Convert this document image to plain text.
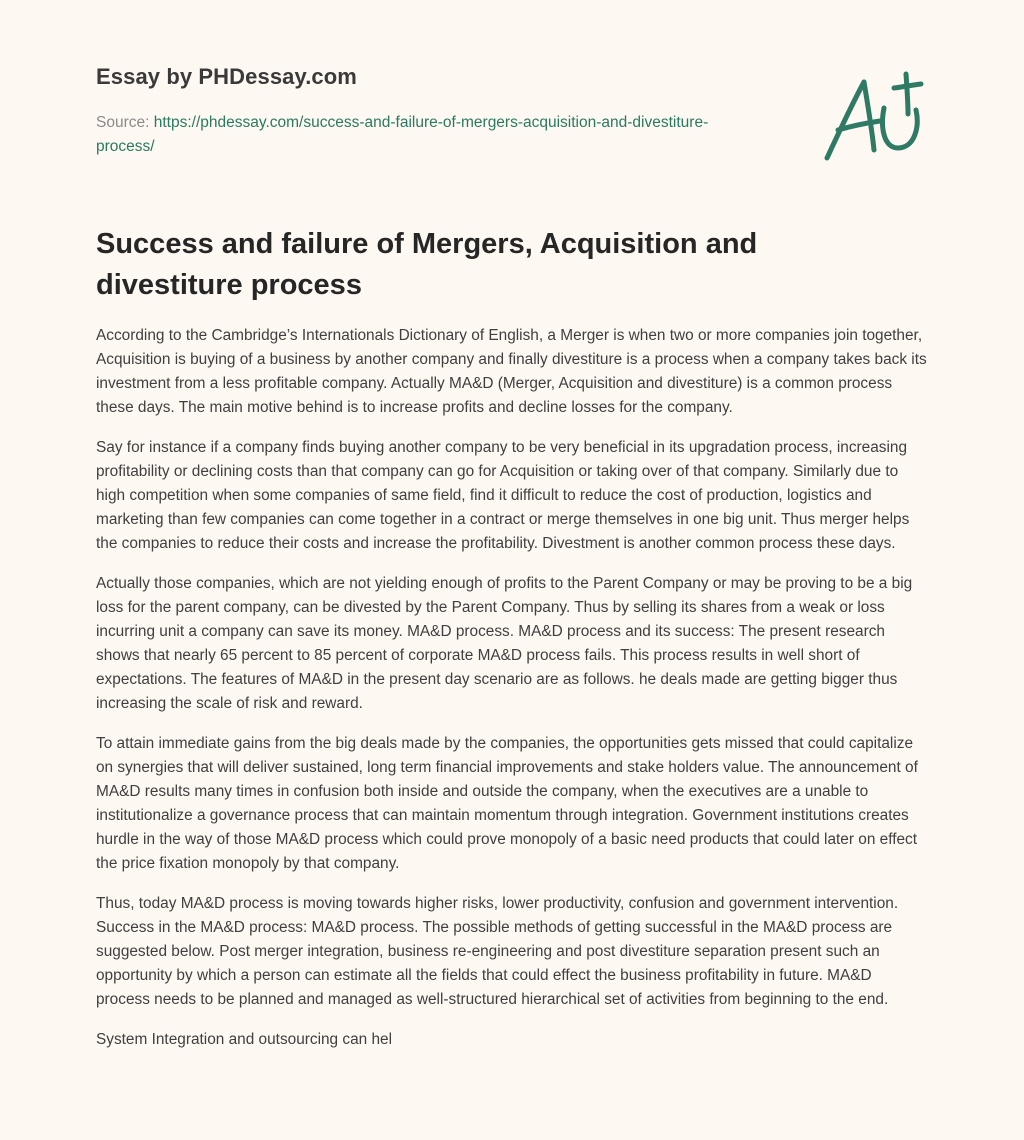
Essay by PHDessay.com
Source: https://phdessay.com/success-and-failure-of-mergers-acquisition-and-divestiture-process/
Success and failure of Mergers, Acquisition and divestiture process

According to the Cambridge’s Internationals Dictionary of English, a Merger is when two or more companies join together, Acquisition is buying of a business by another company and finally divestiture is a process when a company takes back its investment from a less profitable company. Actually MA&D (Merger, Acquisition and divestiture) is a common process these days. The main motive behind is to increase profits and decline losses for the company.

Say for instance if a company finds buying another company to be very beneficial in its upgradation process, increasing profitability or declining costs than that company can go for Acquisition or taking over of that company. Similarly due to high competition when some companies of same field, find it difficult to reduce the cost of production, logistics and marketing than few companies can come together in a contract or merge themselves in one big unit. Thus merger helps the companies to reduce their costs and increase the profitability. Divestment is another common process these days.

Actually those companies, which are not yielding enough of profits to the Parent Company or may be proving to be a big loss for the parent company, can be divested by the Parent Company. Thus by selling its shares from a weak or loss incurring unit a company can save its money. MA&D process. MA&D process and its success: The present research shows that nearly 65 percent to 85 percent of corporate MA&D process fails. This process results in well short of expectations. The features of MA&D in the present day scenario are as follows. he deals made are getting bigger thus increasing the scale of risk and reward.

To attain immediate gains from the big deals made by the companies, the opportunities gets missed that could capitalize on synergies that will deliver sustained, long term financial improvements and stake holders value. The announcement of MA&D results many times in confusion both inside and outside the company, when the executives are a unable to institutionalize a governance process that can maintain momentum through integration. Government institutions creates hurdle in the way of those MA&D process which could prove monopoly of a basic need products that could later on effect the price fixation monopoly by that company.

Thus, today MA&D process is moving towards higher risks, lower productivity, confusion and government intervention. Success in the MA&D process: MA&D process. The possible methods of getting successful in the MA&D process are suggested below. Post merger integration, business re-engineering and post divestiture separation present such an opportunity by which a person can estimate all the fields that could effect the business profitability in future. MA&D process needs to be planned and managed as well-structured hierarchical set of activities from beginning to the end.

System Integration and outsourcing can hel
